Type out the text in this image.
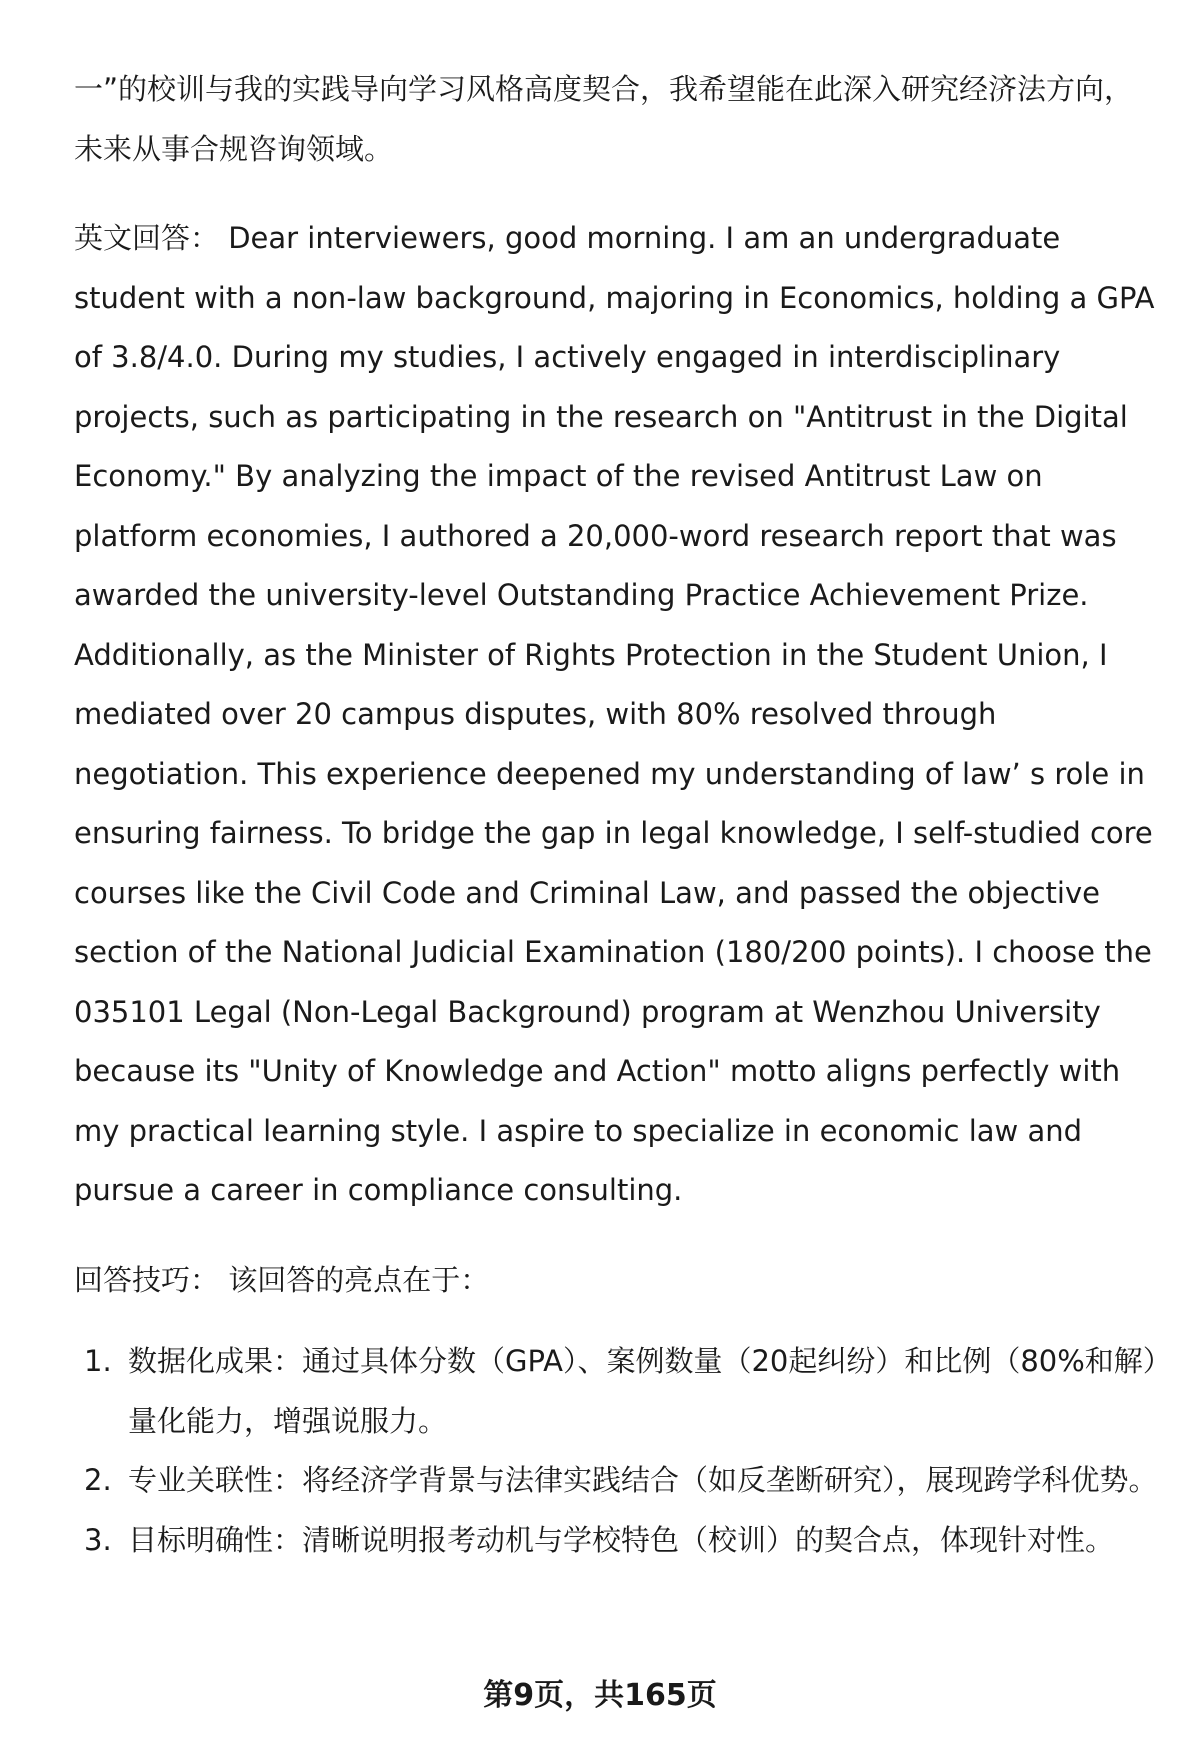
一”的校训与我的实践导向学习风格高度契合，我希望能在此深入研究经济法方向，未来从事合规咨询领域。

英文回答： Dear interviewers, good morning. I am an undergraduate student with a non-law background, majoring in Economics, holding a GPA of 3.8/4.0. During my studies, I actively engaged in interdisciplinary projects, such as participating in the research on "Antitrust in the Digital Economy." By analyzing the impact of the revised Antitrust Law on platform economies, I authored a 20,000-word research report that was awarded the university-level Outstanding Practice Achievement Prize. Additionally, as the Minister of Rights Protection in the Student Union, I mediated over 20 campus disputes, with 80% resolved through negotiation. This experience deepened my understanding of law’ s role in ensuring fairness. To bridge the gap in legal knowledge, I self-studied core courses like the Civil Code and Criminal Law, and passed the objective section of the National Judicial Examination (180/200 points). I choose the 035101 Legal (Non-Legal Background) program at Wenzhou University because its "Unity of Knowledge and Action" motto aligns perfectly with my practical learning style. I aspire to specialize in economic law and pursue a career in compliance consulting.

回答技巧： 该回答的亮点在于：

1. 数据化成果：通过具体分数（GPA）、案例数量（20起纠纷）和比例（80%和解）量化能力，增强说服力。
2. 专业关联性：将经济学背景与法律实践结合（如反垄断研究），展现跨学科优势。
3. 目标明确性：清晰说明报考动机与学校特色（校训）的契合点，体现针对性。
第9页，共165页
